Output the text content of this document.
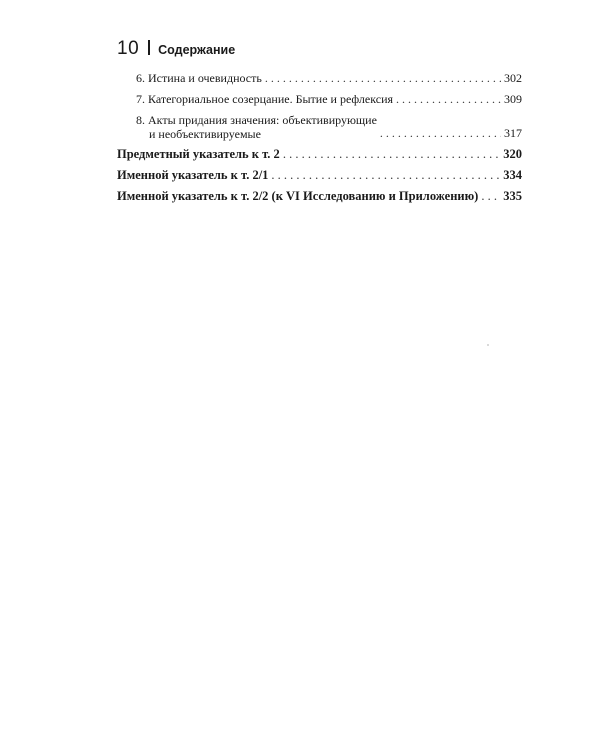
10 Содержание
6. Истина и очевидность . . .	302
7. Категориальное созерцание. Бытие и рефлексия . . .	309
8. Акты придания значения: объективирующие
и необъективируемые . . .	317
Предметный указатель к т. 2 . . .	320
Именной указатель к т. 2/1 . . .	334
Именной указатель к т. 2/2 (к VI Исследованию и Приложению) . . . 335
